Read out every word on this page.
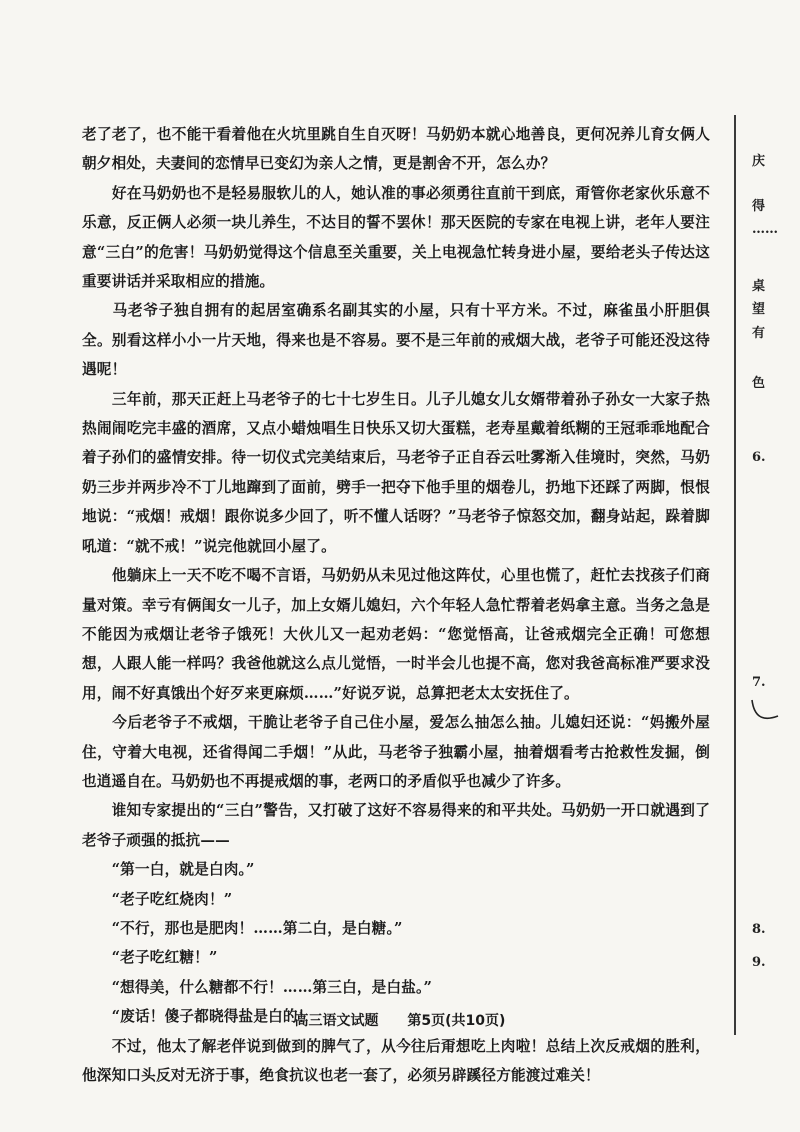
老了老了，也不能干看着他在火坑里跳自生自灭呀！马奶奶本就心地善良，更何况养儿育女俩人朝夕相处，夫妻间的恋情早已变幻为亲人之情，更是割舍不开，怎么办？

　　好在马奶奶也不是轻易服软儿的人，她认准的事必须勇往直前干到底，甭管你老家伙乐意不乐意，反正俩人必须一块儿养生，不达目的誓不罢休！那天医院的专家在电视上讲，老年人要注意“三白”的危害！马奶奶觉得这个信息至关重要，关上电视急忙转身进小屋，要给老头子传达这重要讲话并采取相应的措施。

　　马老爷子独自拥有的起居室确系名副其实的小屋，只有十平方米。不过，麻雀虽小肝胆俱全。别看这样小小一片天地，得来也是不容易。要不是三年前的戒烟大战，老爷子可能还没这待遇呢！

　　三年前，那天正赶上马老爷子的七十七岁生日。儿子儿媳女儿女婿带着孙子孙女一大家子热热闹闹吃完丰盛的酒席，又点小蜡烛唱生日快乐又切大蛋糕，老寿星戴着纸糊的王冠乖乖地配合着子孙们的盛情安排。待一切仪式完美结束后，马老爷子正自吞云吐雾渐入佳境时，突然，马奶奶三步并两步冷不丁儿地蹿到了面前，劈手一把夺下他手里的烟卷儿，扔地下还踩了两脚，恨恨地说：“戒烟！戒烟！跟你说多少回了，听不懂人话呀？”马老爷子惊怒交加，翻身站起，跺着脚吼道：“就不戒！”说完他就回小屋了。

　　他躺床上一天不吃不喝不言语，马奶奶从未见过他这阵仗，心里也慌了，赶忙去找孩子们商量对策。幸亏有俩闺女一儿子，加上女婿儿媳妇，六个年轻人急忙帮着老妈拿主意。当务之急是不能因为戒烟让老爷子饿死！大伙儿又一起劝老妈：“您觉悟高，让爸戒烟完全正确！可您想想，人跟人能一样吗？我爸他就这么点儿觉悟，一时半会儿也提不高，您对我爸高标准严要求没用，闹不好真饿出个好歹来更麻烦……”好说歹说，总算把老太太安抚住了。

　　今后老爷子不戒烟，干脆让老爷子自己住小屋，爱怎么抽怎么抽。儿媳妇还说：“妈搬外屋住，守着大电视，还省得闻二手烟！”从此，马老爷子独霸小屋，抽着烟看考古抢救性发掘，倒也逍遥自在。马奶奶也不再提戒烟的事，老两口的矛盾似乎也减少了许多。

　　谁知专家提出的“三白”警告，又打破了这好不容易得来的和平共处。马奶奶一开口就遇到了老爷子顽强的抵抗——

　　“第一白，就是白肉。”

　　“老子吃红烧肉！”

　　“不行，那也是肥肉！……第二白，是白糖。”

　　“老子吃红糖！”

　　“想得美，什么糖都不行！……第三白，是白盐。”

　　“废话！傻子都晓得盐是白的！

　　不过，他太了解老伴说到做到的脾气了，从今往后甭想吃上肉啦！总结上次反戒烟的胜利，他深知口头反对无济于事，绝食抗议也老一套了，必须另辟蹊径方能渡过难关！

庆
得
……
桌
望
有
色
6.
7.
8.
9.
高三语文试题 第5页(共10页)
